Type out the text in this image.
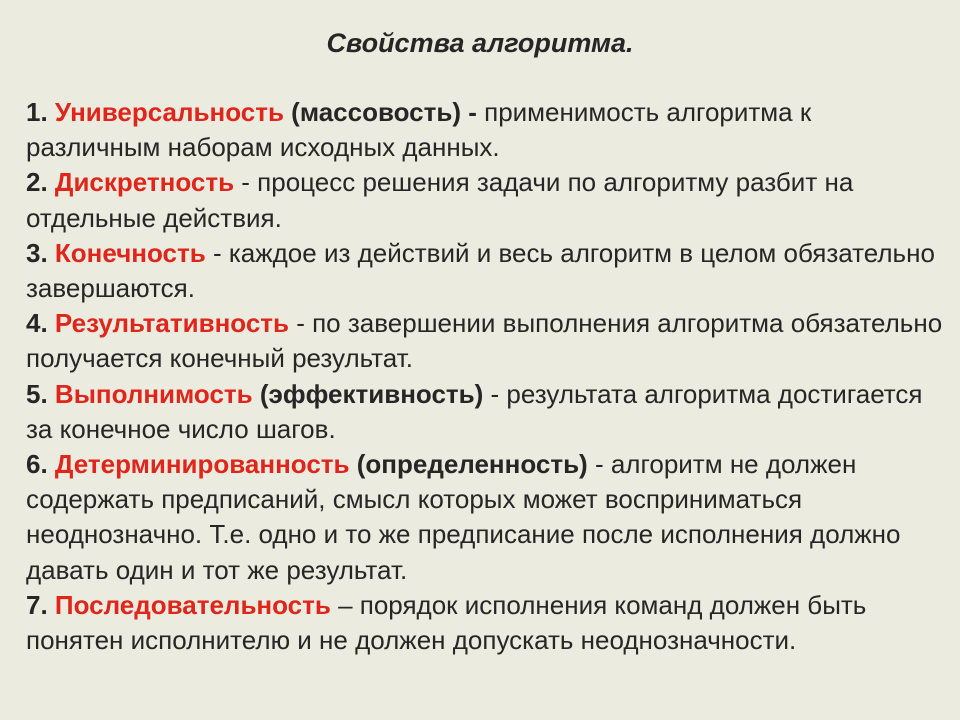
Свойства алгоритма.

1. Универсальность (массовость) - применимость алгоритма к различным наборам исходных данных.

2. Дискретность - процесс решения задачи по алгоритму разбит на отдельные действия.

3. Конечность - каждое из действий и весь алгоритм в целом обязательно завершаются.

4. Результативность - по завершении выполнения алгоритма обязательно получается конечный результат.

5. Выполнимость (эффективность) - результата алгоритма достигается за конечное число шагов.

6. Детерминированность (определенность) - алгоритм не должен содержать предписаний, смысл которых может восприниматься неоднозначно. Т.е. одно и то же предписание после исполнения должно давать один и тот же результат.

7. Последовательность – порядок исполнения команд должен быть понятен исполнителю и не должен допускать неоднозначности.
